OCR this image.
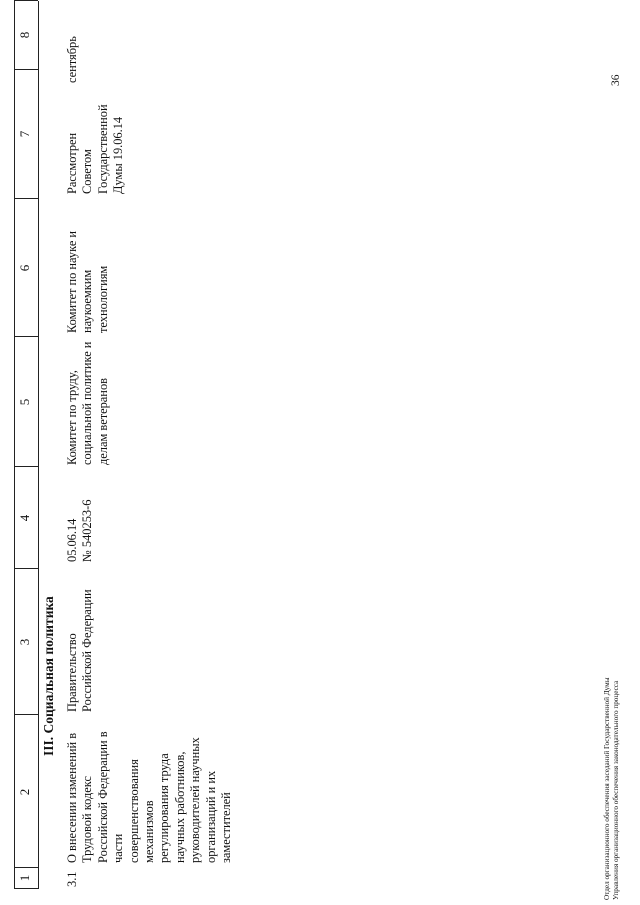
1
2
3
4
5
6
7
8
III. Социальная политика
3.1
О внесении изменений в
Трудовой кодекс
Российской Федерации в
части
совершенствования
механизмов
регулирования труда
научных работников,
руководителей научных
организаций и их
заместителей
Правительство
Российской Федерации
05.06.14
№ 540253-6
Комитет по труду,
социальной политике и
делам ветеранов
Комитет по науке и
наукоемким
технологиям
Рассмотрен
Советом
Государственной
Думы 19.06.14
сентябрь
Отдел организационного обеспечения заседаний Государственной Думы
Управления организационного обеспечения законодательного процесса
36
